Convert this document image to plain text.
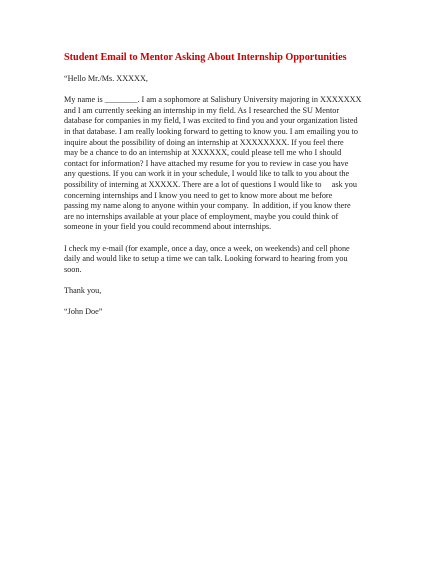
Student Email to Mentor Asking About Internship Opportunities
“Hello Mr./Ms. XXXXX,
My name is ________. I am a sophomore at Salisbury University majoring in XXXXXXX
and I am currently seeking an internship in my field. As I researched the SU Mentor
database for companies in my field, I was excited to find you and your organization listed
in that database. I am really looking forward to getting to know you. I am emailing you to
inquire about the possibility of doing an internship at XXXXXXXX. If you feel there
may be a chance to do an internship at XXXXXX, could please tell me who I should
contact for information? I have attached my resume for you to review in case you have
any questions. If you can work it in your schedule, I would like to talk to you about the
possibility of interning at XXXXX. There are a lot of questions I would like to     ask you
concerning internships and I know you need to get to know more about me before
passing my name along to anyone within your company.  In addition, if you know there
are no internships available at your place of employment, maybe you could think of
someone in your field you could recommend about internships.
I check my e-mail (for example, once a day, once a week, on weekends) and cell phone
daily and would like to setup a time we can talk. Looking forward to hearing from you
soon.
Thank you,
“John Doe”
